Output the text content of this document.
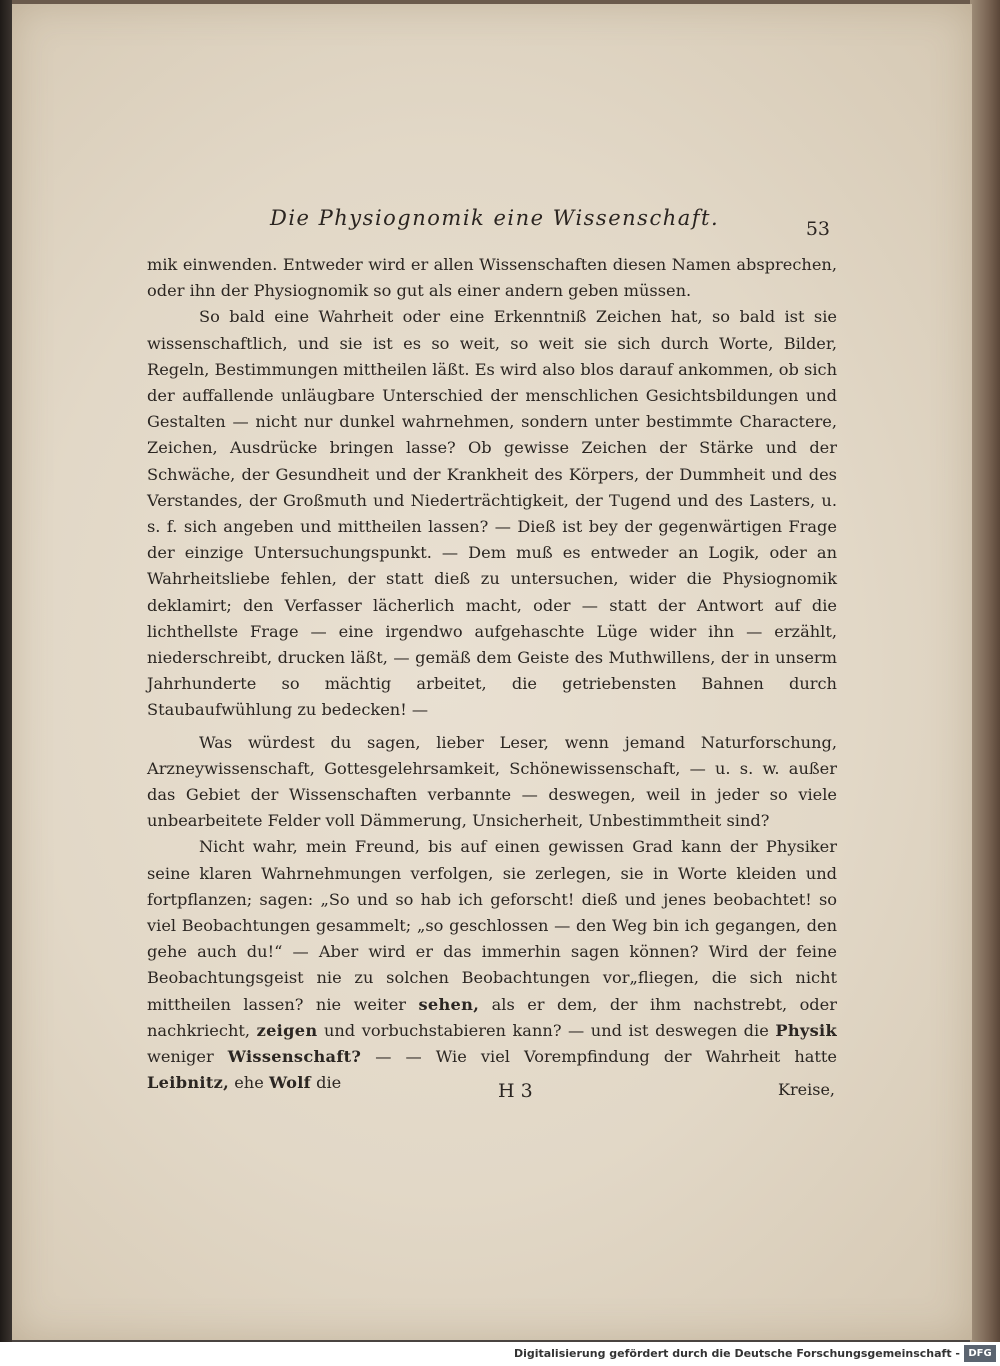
Die Physiognomik eine Wissenschaft.	53

mik einwenden. Entweder wird er allen Wissenschaften diesen Namen absprechen, oder ihn der Physiognomik so gut als einer andern geben müssen.

So bald eine Wahrheit oder eine Erkenntniß Zeichen hat, so bald ist sie wissenschaftlich, und sie ist es so weit, so weit sie sich durch Worte, Bilder, Regeln, Bestimmungen mittheilen läßt. Es wird also blos darauf ankommen, ob sich der auffallende unläugbare Unterschied der menschlichen Gesichtsbildungen und Gestalten — nicht nur dunkel wahrnehmen, sondern unter bestimmte Charactere, Zeichen, Ausdrücke bringen lasse? Ob gewisse Zeichen der Stärke und der Schwäche, der Gesundheit und der Krankheit des Körpers, der Dummheit und des Verstandes, der Großmuth und Niederträchtigkeit, der Tugend und des Lasters, u. s. f. sich angeben und mittheilen lassen? — Dieß ist bey der gegenwärtigen Frage der einzige Untersuchungspunkt. — Dem muß es entweder an Logik, oder an Wahrheitsliebe fehlen, der statt dieß zu untersuchen, wider die Physiognomik deklamirt; den Verfasser lächerlich macht, oder — statt der Antwort auf die lichthellste Frage — eine irgendwo aufgehaschte Lüge wider ihn — erzählt, niederschreibt, drucken läßt, — gemäß dem Geiste des Muthwillens, der in unserm Jahrhunderte so mächtig arbeitet, die getriebensten Bahnen durch Staubaufwühlung zu bedecken! —

Was würdest du sagen, lieber Leser, wenn jemand Naturforschung, Arzneywissenschaft, Gottesgelehrsamkeit, Schönewissenschaft, — u. s. w. außer das Gebiet der Wissenschaften verbannte — deswegen, weil in jeder so viele unbearbeitete Felder voll Dämmerung, Unsicherheit, Unbestimmtheit sind?

Nicht wahr, mein Freund, bis auf einen gewissen Grad kann der Physiker seine klaren Wahrnehmungen verfolgen, sie zerlegen, sie in Worte kleiden und fortpflanzen; sagen: „So und so hab ich geforscht! dieß und jenes beobachtet! so viel Beobachtungen gesammelt; „so geschlossen — den Weg bin ich gegangen, den gehe auch du!“ — Aber wird er das immerhin sagen können? Wird der feine Beobachtungsgeist nie zu solchen Beobachtungen vor„fliegen, die sich nicht mittheilen lassen? nie weiter sehen, als er dem, der ihm nachstrebt, oder nachkriecht, zeigen und vorbuchstabieren kann? — und ist deswegen die Physik weniger Wissenschaft? — — Wie viel Vorempfindung der Wahrheit hatte Leibnitz, ehe Wolf die	H 3	Kreise,
Digitalisierung gefördert durch die Deutsche Forschungsgemeinschaft - DFG
